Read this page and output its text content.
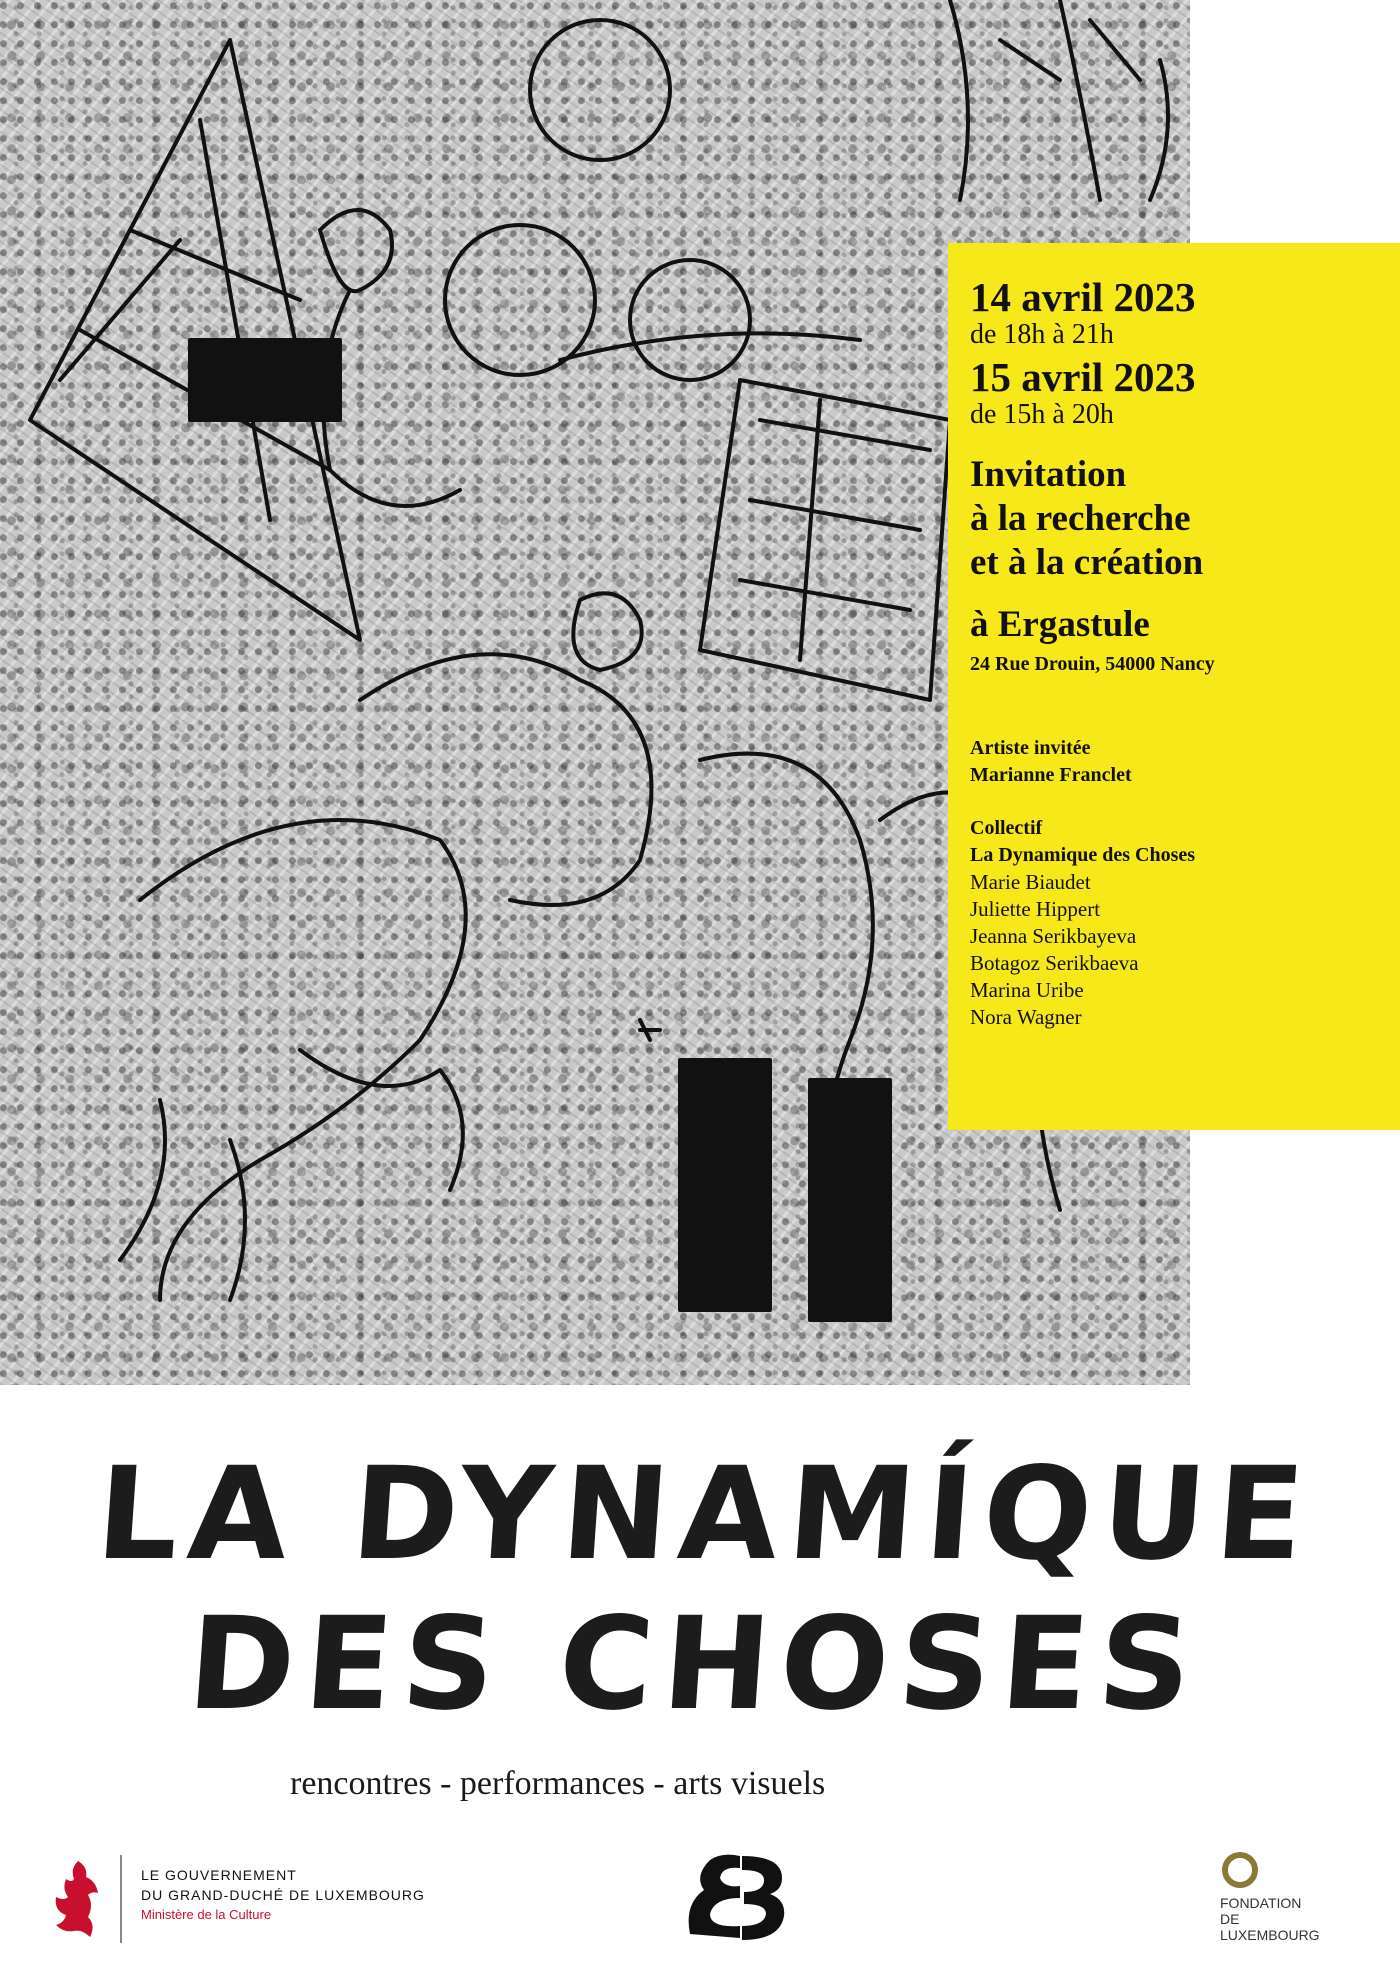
14 avril 2023

de 18h à 21h

15 avril 2023

de 15h à 20h

Invitation
à la recherche
et à la création

à Ergastule

24 Rue Drouin, 54000 Nancy

Artiste invitée

Marianne Franclet

Collectif

La Dynamique des Choses

Marie Biaudet

Juliette Hippert

Jeanna Serikbayeva

Botagoz Serikbaeva

Marina Uribe

Nora Wagner

LA DYNAMÍQUE
DES CHOSES
rencontres - performances - arts visuels
LE GOUVERNEMENT
DU GRAND-DUCHÉ DE LUXEMBOURG
Ministère de la Culture
FONDATION
DE LUXEMBOURG
